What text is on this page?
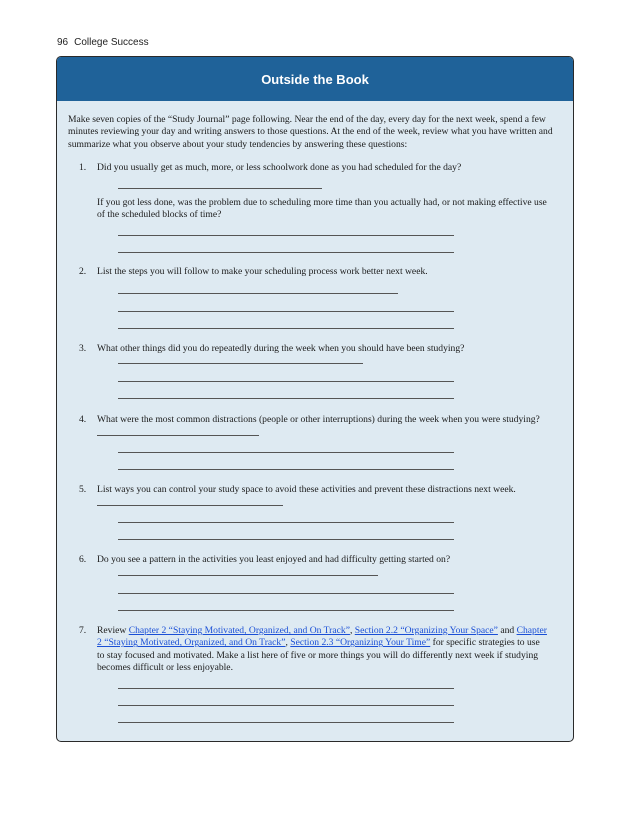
96 College Success
Outside the Book
Make seven copies of the “Study Journal” page following. Near the end of the day, every day for the next week, spend a few minutes reviewing your day and writing answers to those questions. At the end of the week, review what you have written and summarize what you observe about your study tendencies by answering these questions:
1. Did you usually get as much, more, or less schoolwork done as you had scheduled for the day?

If you got less done, was the problem due to scheduling more time than you actually had, or not making effective use of the scheduled blocks of time?

2. List the steps you will follow to make your scheduling process work better next week.

3. What other things did you do repeatedly during the week when you should have been studying?

4. What were the most common distractions (people or other interruptions) during the week when you were studying?

5. List ways you can control your study space to avoid these activities and prevent these distractions next week.

6. Do you see a pattern in the activities you least enjoyed and had difficulty getting started on?

7. Review Chapter 2 “Staying Motivated, Organized, and On Track”, Section 2.2 “Organizing Your Space” and Chapter 2 “Staying Motivated, Organized, and On Track”, Section 2.3 “Organizing Your Time” for specific strategies to use to stay focused and motivated. Make a list here of five or more things you will do differently next week if studying becomes difficult or less enjoyable.
